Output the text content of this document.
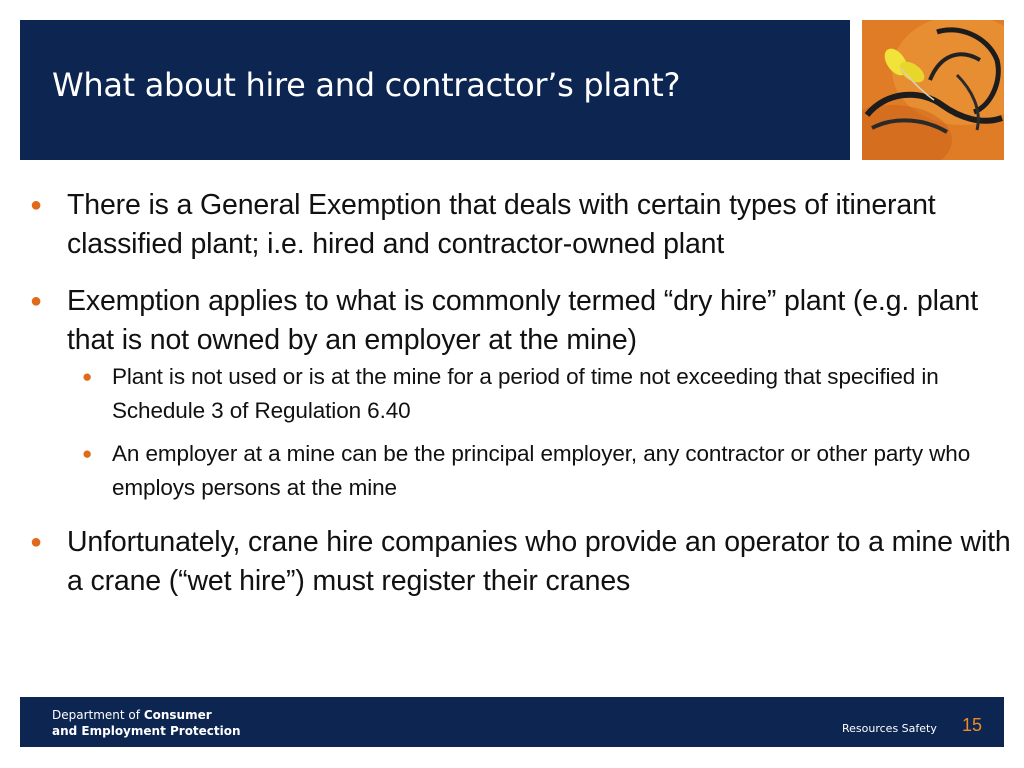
What about hire and contractor’s plant?
● There is a General Exemption that deals with certain types of itinerant classified plant; i.e. hired and contractor-owned plant
● Exemption applies to what is commonly termed “dry hire” plant (e.g. plant that is not owned by an employer at the mine)
● Plant is not used or is at the mine for a period of time not exceeding that specified in Schedule 3 of Regulation 6.40
● An employer at a mine can be the principal employer, any contractor or other party who employs persons at the mine
● Unfortunately, crane hire companies who provide an operator to a mine with a crane (“wet hire”) must register their cranes
Department of Consumer
and Employment Protection	Resources Safety 15
